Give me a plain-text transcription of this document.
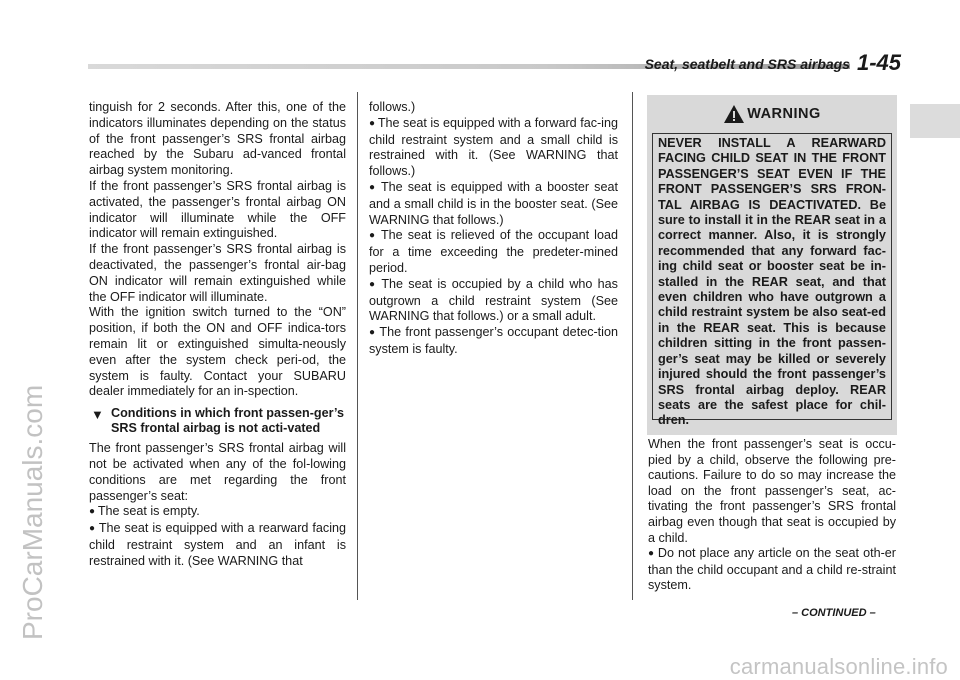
ProCarManuals.com
Seat, seatbelt and SRS airbags 1-45

tinguish for 2 seconds. After this, one of the indicators illuminates depending on the status of the front passenger’s SRS frontal airbag reached by the Subaru ad-vanced frontal airbag system monitoring.

If the front passenger’s SRS frontal airbag is activated, the passenger’s frontal airbag ON indicator will illuminate while the OFF indicator will remain extinguished.

If the front passenger’s SRS frontal airbag is deactivated, the passenger’s frontal air-bag ON indicator will remain extinguished while the OFF indicator will illuminate.

With the ignition switch turned to the “ON” position, if both the ON and OFF indica-tors remain lit or extinguished simulta-neously even after the system check peri-od, the system is faulty. Contact your SUBARU dealer immediately for an in-spection.

▼ Conditions in which front passen-ger’s SRS frontal airbag is not acti-vated

The front passenger’s SRS frontal airbag will not be activated when any of the fol-lowing conditions are met regarding the front passenger’s seat:

● The seat is empty.

● The seat is equipped with a rearward facing child restraint system and an infant is restrained with it. (See WARNING that

follows.)

● The seat is equipped with a forward fac-ing child restraint system and a small child is restrained with it. (See WARNING that follows.)

● The seat is equipped with a booster seat and a small child is in the booster seat. (See WARNING that follows.)

● The seat is relieved of the occupant load for a time exceeding the predeter-mined period.

● The seat is occupied by a child who has outgrown a child restraint system (See WARNING that follows.) or a small adult.

● The front passenger’s occupant detec-tion system is faulty.

WARNING
NEVER INSTALL A REARWARD FACING CHILD SEAT IN THE FRONT PASSENGER’S SEAT EVEN IF THE FRONT PASSENGER’S SRS FRON-TAL AIRBAG IS DEACTIVATED. Be sure to install it in the REAR seat in a correct manner. Also, it is strongly recommended that any forward fac-ing child seat or booster seat be in-stalled in the REAR seat, and that even children who have outgrown a child restraint system be also seat-ed in the REAR seat. This is because children sitting in the front passen-ger’s seat may be killed or severely injured should the front passenger’s SRS frontal airbag deploy. REAR seats are the safest place for chil-dren.

When the front passenger’s seat is occu-pied by a child, observe the following pre-cautions. Failure to do so may increase the load on the front passenger’s seat, ac-tivating the front passenger’s SRS frontal airbag even though that seat is occupied by a child.

● Do not place any article on the seat oth-er than the child occupant and a child re-straint system.

– CONTINUED –
carmanualsonline.info
